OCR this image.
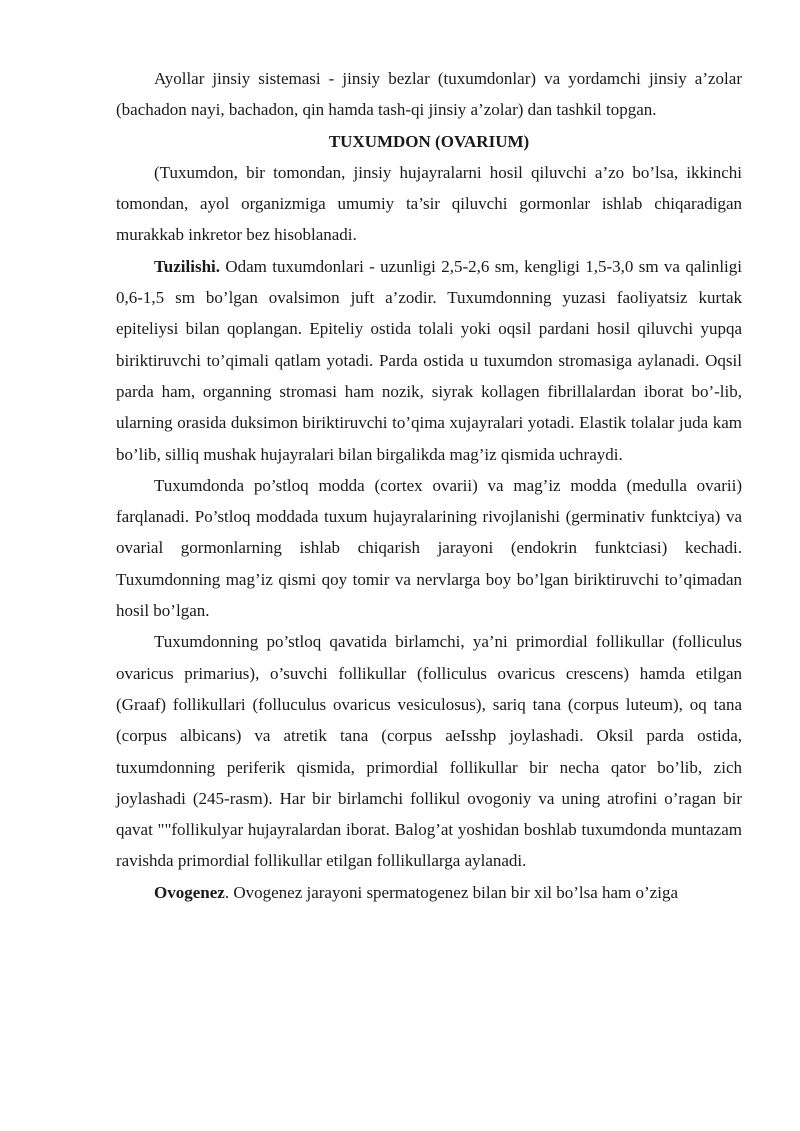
Ayollar jinsiy sistemasi - jinsiy bezlar (tuxumdonlar) va yordamchi jinsiy a’zolar (bachadon nayi, bachadon, qin hamda tash-qi jinsiy a’zolar) dan tashkil topgan.

TUXUMDON (OVARIUM)

(Tuxumdon, bir tomondan, jinsiy hujayralarni hosil qiluvchi a’zo bo’lsa, ikkinchi tomondan, ayol organizmiga umumiy ta’sir qiluvchi gormonlar ishlab chiqaradigan murakkab inkretor bez hisoblanadi.

Tuzilishi. Odam tuxumdonlari - uzunligi 2,5-2,6 sm, kengligi 1,5-3,0 sm va qalinligi 0,6-1,5 sm bo’lgan ovalsimon juft a’zodir. Tuxumdonning yuzasi faoliyatsiz kurtak epiteliysi bilan qoplangan. Epiteliy ostida tolali yoki oqsil pardani hosil qiluvchi yupqa biriktiruvchi to’qimali qatlam yotadi. Parda ostida u tuxumdon stromasiga aylanadi. Oqsil parda ham, organning stromasi ham nozik, siyrak kollagen fibrillalardan iborat bo’-lib, ularning orasida duksimon biriktiruvchi to’qima xujayralari yotadi. Elastik tolalar juda kam bo’lib, silliq mushak hujayralari bilan birgalikda mag’iz qismida uchraydi.

Tuxumdonda po’stloq modda (cortex ovarii) va mag’iz modda (medulla ovarii) farqlanadi. Po’stloq moddada tuxum hujayralarining rivojlanishi (germinativ funktciya) va ovarial gormonlarning ishlab chiqarish jarayoni (endokrin funktciasi) kechadi. Tuxumdonning mag’iz qismi qoy tomir va nervlarga boy bo’lgan biriktiruvchi to’qimadan hosil bo’lgan.

Tuxumdonning po’stloq qavatida birlamchi, ya’ni primordial follikullar (folliculus ovaricus primarius), o’suvchi follikullar (folliculus ovaricus crescens) hamda etilgan (Graaf) follikullari (folluculus ovaricus vesiculosus), sariq tana (corpus luteum), oq tana (corpus albicans) va atretik tana (corpus aeIsshp joylashadi. Oksil parda ostida, tuxumdonning periferik qismida, primordial follikullar bir necha qator bo’lib, zich joylashadi (245-rasm). Har bir birlamchi follikul ovogoniy va uning atrofini o’ragan bir qavat ""follikulyar hujayralardan iborat. Balog’at yoshidan boshlab tuxumdonda muntazam ravishda primordial follikullar etilgan follikullarga aylanadi.

Ovogenez. Ovogenez jarayoni spermatogenez bilan bir xil bo’lsa ham o’ziga
